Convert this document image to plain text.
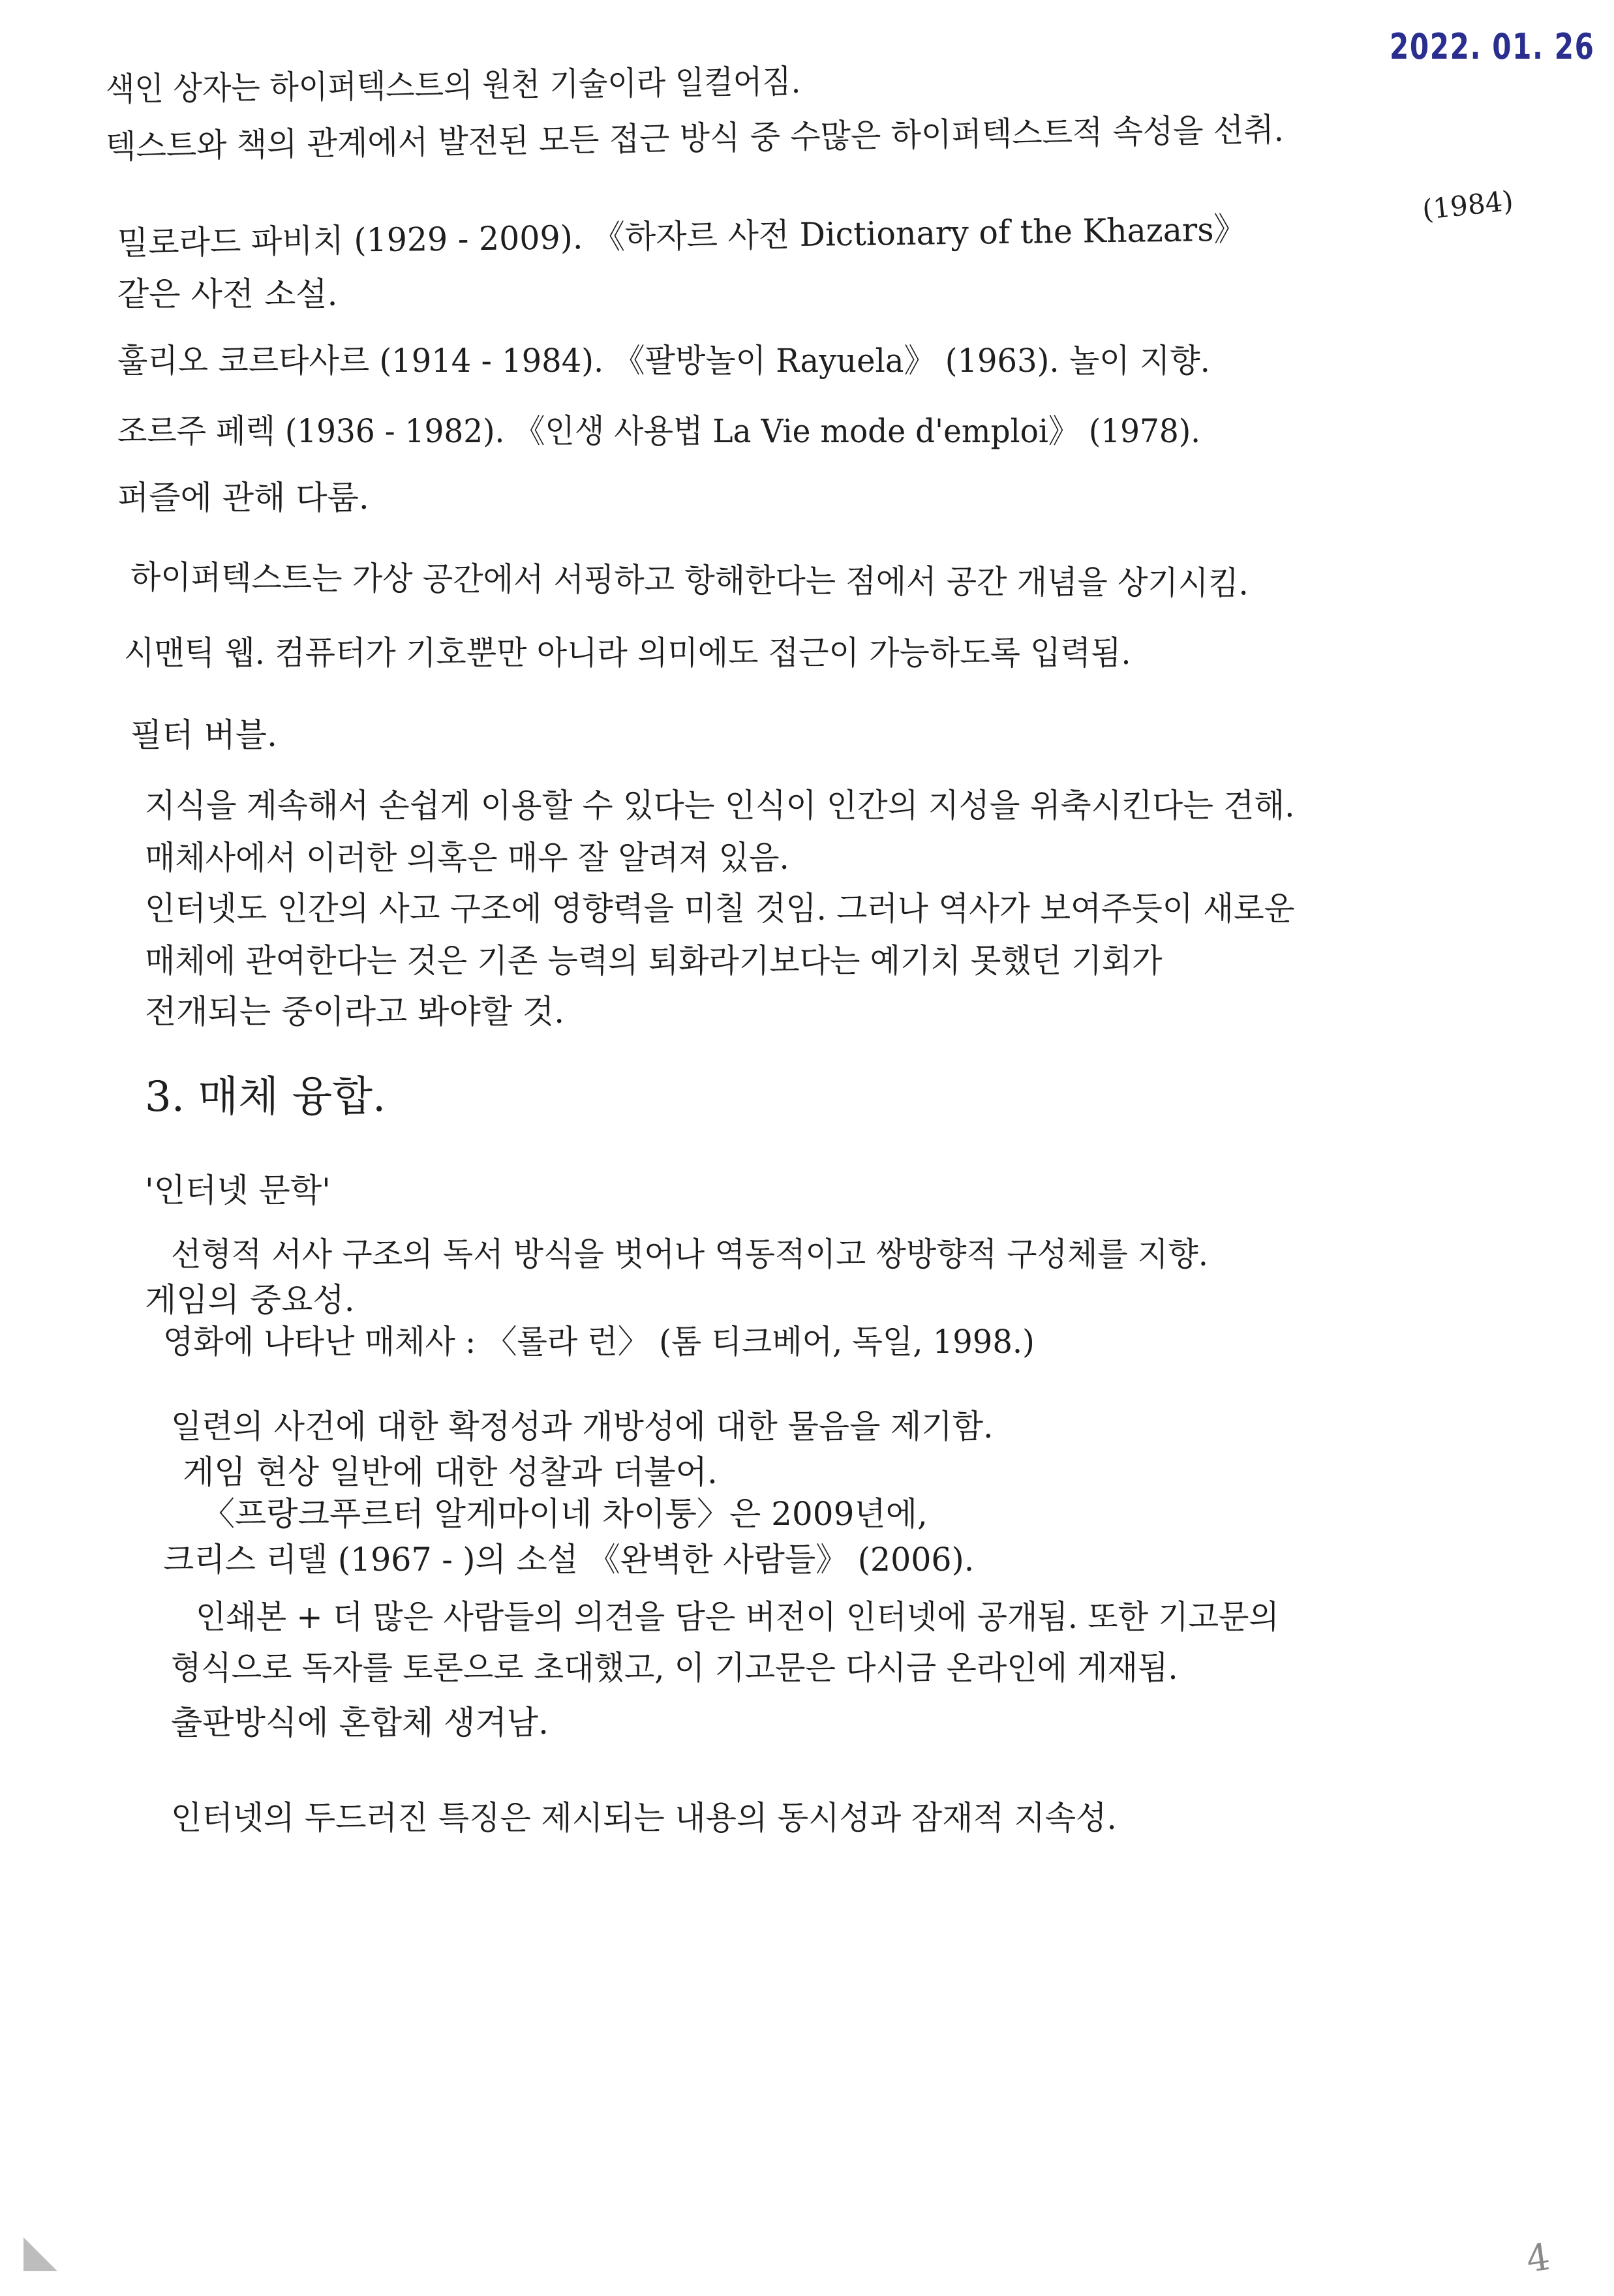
2022. 01. 26
색인 상자는 하이퍼텍스트의 원천 기술이라 일컬어짐.
텍스트와 책의 관계에서 발전된 모든 접근 방식 중 수많은 하이퍼텍스트적 속성을 선취.
(1984)
밀로라드 파비치 (1929 - 2009). 《하자르 사전 Dictionary of the Khazars》
같은 사전 소설.
훌리오 코르타사르 (1914 - 1984). 《팔방놀이 Rayuela》 (1963). 놀이 지향.
조르주 페렉 (1936 - 1982). 《인생 사용법 La Vie mode d'emploi》 (1978).
퍼즐에 관해 다룸.
하이퍼텍스트는 가상 공간에서 서핑하고 항해한다는 점에서 공간 개념을 상기시킴.
시맨틱 웹. 컴퓨터가 기호뿐만 아니라 의미에도 접근이 가능하도록 입력됨.
필터 버블.
지식을 계속해서 손쉽게 이용할 수 있다는 인식이 인간의 지성을 위축시킨다는 견해.
매체사에서 이러한 의혹은 매우 잘 알려져 있음.
인터넷도 인간의 사고 구조에 영향력을 미칠 것임. 그러나 역사가 보여주듯이 새로운
매체에 관여한다는 것은 기존 능력의 퇴화라기보다는 예기치 못했던 기회가
전개되는 중이라고 봐야할 것.
3. 매체 융합.
'인터넷 문학'
선형적 서사 구조의 독서 방식을 벗어나 역동적이고 쌍방향적 구성체를 지향.
게임의 중요성.
영화에 나타난 매체사 : 〈롤라 런〉 (톰 티크베어, 독일, 1998.)
일련의 사건에 대한 확정성과 개방성에 대한 물음을 제기함.
게임 현상 일반에 대한 성찰과 더불어.
〈프랑크푸르터 알게마이네 차이퉁〉은 2009년에,
크리스 리델 (1967 - )의 소설 《완벽한 사람들》 (2006).
인쇄본 + 더 많은 사람들의 의견을 담은 버전이 인터넷에 공개됨. 또한 기고문의
형식으로 독자를 토론으로 초대했고, 이 기고문은 다시금 온라인에 게재됨.
출판방식에 혼합체 생겨남.
인터넷의 두드러진 특징은 제시되는 내용의 동시성과 잠재적 지속성.
4
